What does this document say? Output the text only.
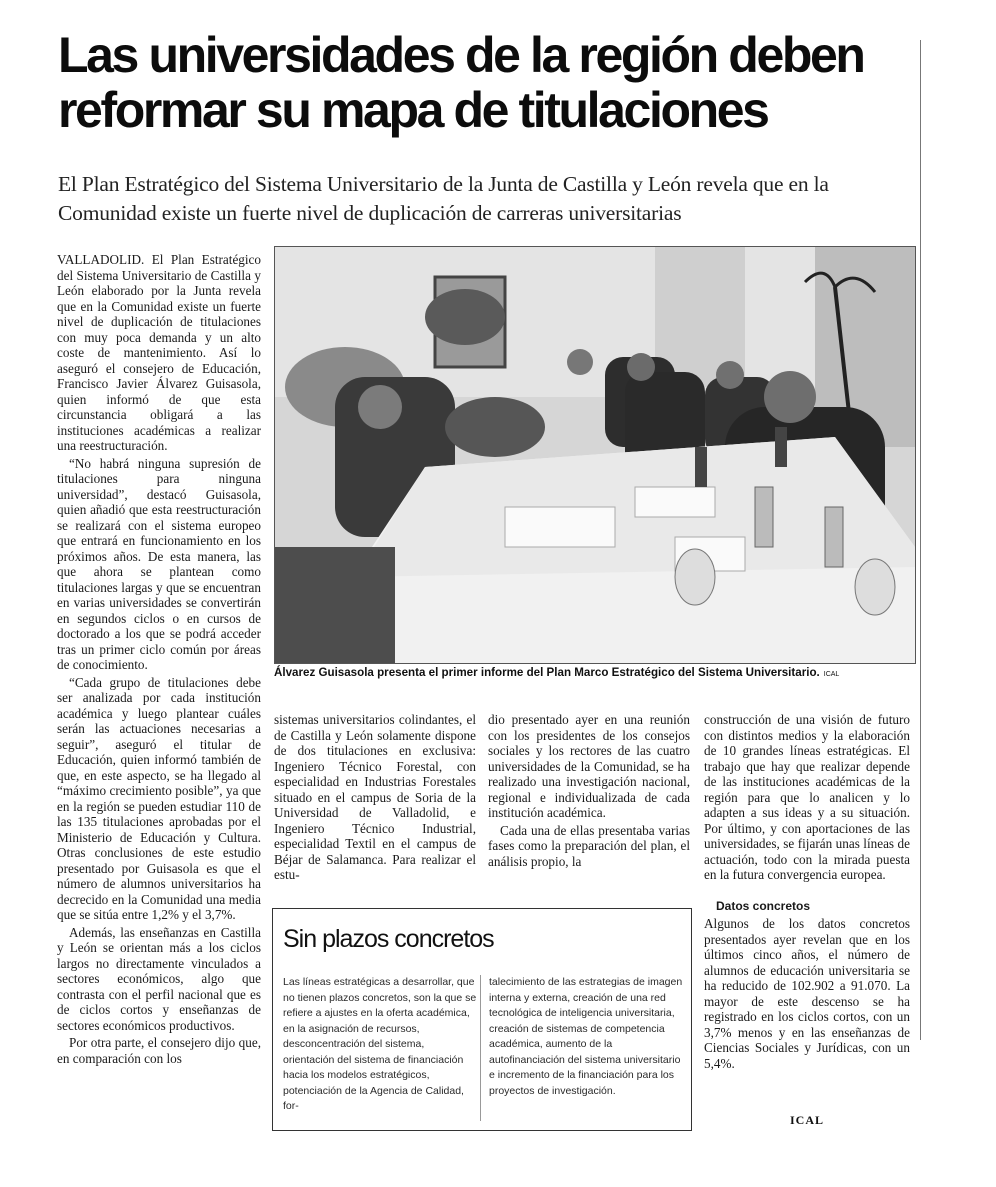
Las universidades de la región deben reformar su mapa de titulaciones

El Plan Estratégico del Sistema Universitario de la Junta de Castilla y León revela que en la Comunidad existe un fuerte nivel de duplicación de carreras universitarias

VALLADOLID. El Plan Estratégico del Sistema Universitario de Castilla y León elaborado por la Junta revela que en la Comunidad existe un fuerte nivel de duplicación de titulaciones con muy poca demanda y un alto coste de mantenimiento. Así lo aseguró el consejero de Educación, Francisco Javier Álvarez Guisasola, quien informó de que esta circunstancia obligará a las instituciones académicas a realizar una reestructuración.

“No habrá ninguna supresión de titulaciones para ninguna universidad”, destacó Guisasola, quien añadió que esta reestructuración se realizará con el sistema europeo que entrará en funcionamiento en los próximos años. De esta manera, las que ahora se plantean como titulaciones largas y que se encuentran en varias universidades se convertirán en segundos ciclos o en cursos de doctorado a los que se podrá acceder tras un primer ciclo común por áreas de conocimiento.

“Cada grupo de titulaciones debe ser analizada por cada institución académica y luego plantear cuáles serán las actuaciones necesarias a seguir”, aseguró el titular de Educación, quien informó también de que, en este aspecto, se ha llegado al “máximo crecimiento posible”, ya que en la región se pueden estudiar 110 de las 135 titulaciones aprobadas por el Ministerio de Educación y Cultura. Otras conclusiones de este estudio presentado por Guisasola es que el número de alumnos universitarios ha decrecido en la Comunidad una media que se sitúa entre 1,2% y el 3,7%.

Además, las enseñanzas en Castilla y León se orientan más a los ciclos largos no directamente vinculados a sectores económicos, algo que contrasta con el perfil nacional que es de ciclos cortos y enseñanzas de sectores económicos productivos.

Por otra parte, el consejero dijo que, en comparación con los

Álvarez Guisasola presenta el primer informe del Plan Marco Estratégico del Sistema Universitario. ICAL

sistemas universitarios colindantes, el de Castilla y León solamente dispone de dos titulaciones en exclusiva: Ingeniero Técnico Forestal, con especialidad en Industrias Forestales situado en el campus de Soria de la Universidad de Valladolid, e Ingeniero Técnico Industrial, especialidad Textil en el campus de Béjar de Salamanca. Para realizar el estu-

dio presentado ayer en una reunión con los presidentes de los consejos sociales y los rectores de las cuatro universidades de la Comunidad, se ha realizado una investigación nacional, regional e individualizada de cada institución académica.

Cada una de ellas presentaba varias fases como la preparación del plan, el análisis propio, la

construcción de una visión de futuro con distintos medios y la elaboración de 10 grandes líneas estratégicas. El trabajo que hay que realizar depende de las instituciones académicas de la región para que lo analicen y lo adapten a sus ideas y a su situación. Por último, y con aportaciones de las universidades, se fijarán unas líneas de actuación, todo con la mirada puesta en la futura convergencia europea.

Datos concretos

Algunos de los datos concretos presentados ayer revelan que en los últimos cinco años, el número de alumnos de educación universitaria se ha reducido de 102.902 a 91.070. La mayor de este descenso se ha registrado en los ciclos cortos, con un 3,7% menos y en las enseñanzas de Ciencias Sociales y Jurídicas, con un 5,4%.

ICAL
Sin plazos concretos
Las líneas estratégicas a desarrollar, que no tienen plazos concretos, son la que se refiere a ajustes en la oferta académica, en la asignación de recursos, desconcentración del sistema, orientación del sistema de financiación hacia los modelos estratégicos, potenciación de la Agencia de Calidad, for-
talecimiento de las estrategias de imagen interna y externa, creación de una red tecnológica de inteligencia universitaria, creación de sistemas de competencia académica, aumento de la autofinanciación del sistema universitario e incremento de la financiación para los proyectos de investigación.
